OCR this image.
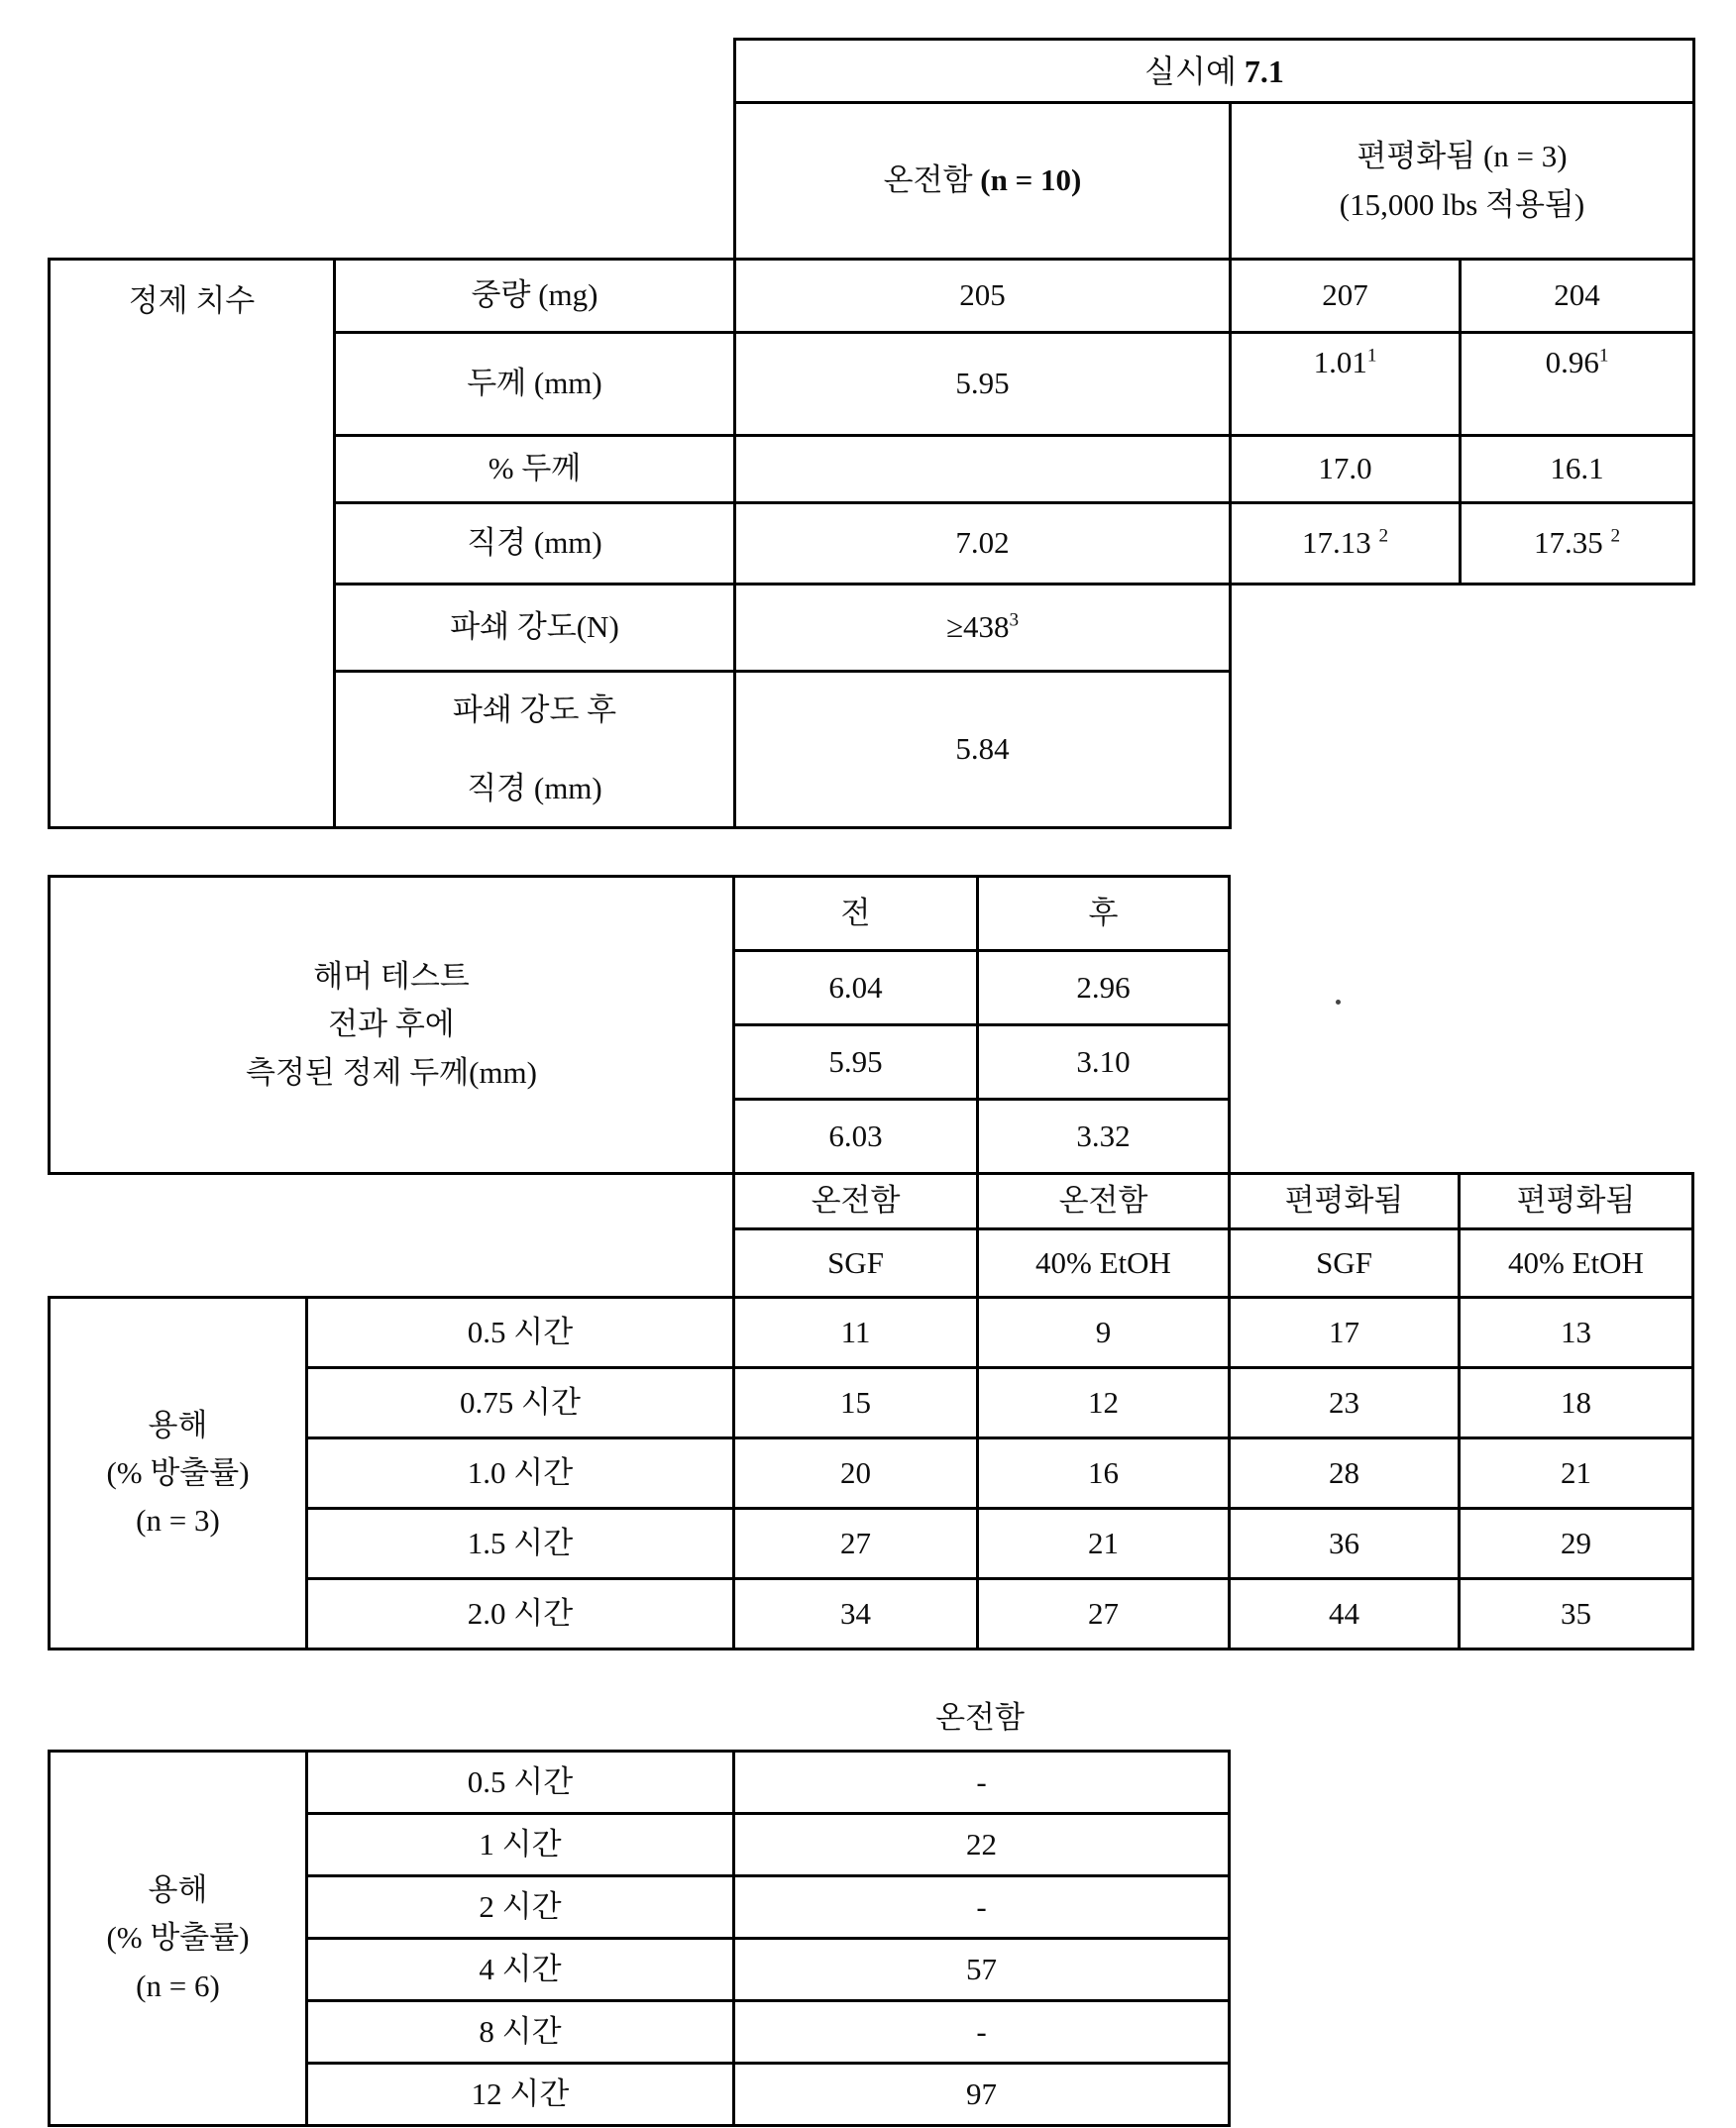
		실시예 7.1		
		온전함 (n = 10)	편평화됨 (n = 3)
(15,000 lbs 적용됨)	

정제 치수	중량 (mg)	205	207	204
	두께 (mm)	5.95	1.01$^1$	0.96$^1$
	% 두께		17.0	16.1
	직경 (mm)	7.02	17.13 $^2$	17.35 $^2$
	파쇄 강도(N)	$\ge 438^3$	

	파쇄 강도 후
직경 (mm)	5.84		
해머 테스트
전과 후에
측정된 정제 두께(mm)		전	후		
		6.04	2.96		
		5.95	3.10		
		6.03	3.32		
		온전함	온전함	편평화됨	편평화됨
		SGF	40% EtOH	SGF	40% EtOH

용해
(% 방출률)
(n = 3)	0.5 시간	11	9	17	13
	0.75 시간	15	12	23	18
	1.0 시간	20	16	28	21
	1.5 시간	27	21	36	29
	2.0 시간	34	27	44	35
온전함
용해
(% 방출률)
(n = 6)	0.5 시간	-
	1 시간	22
	2 시간	-
	4 시간	57
	8 시간	-
	12 시간	97
